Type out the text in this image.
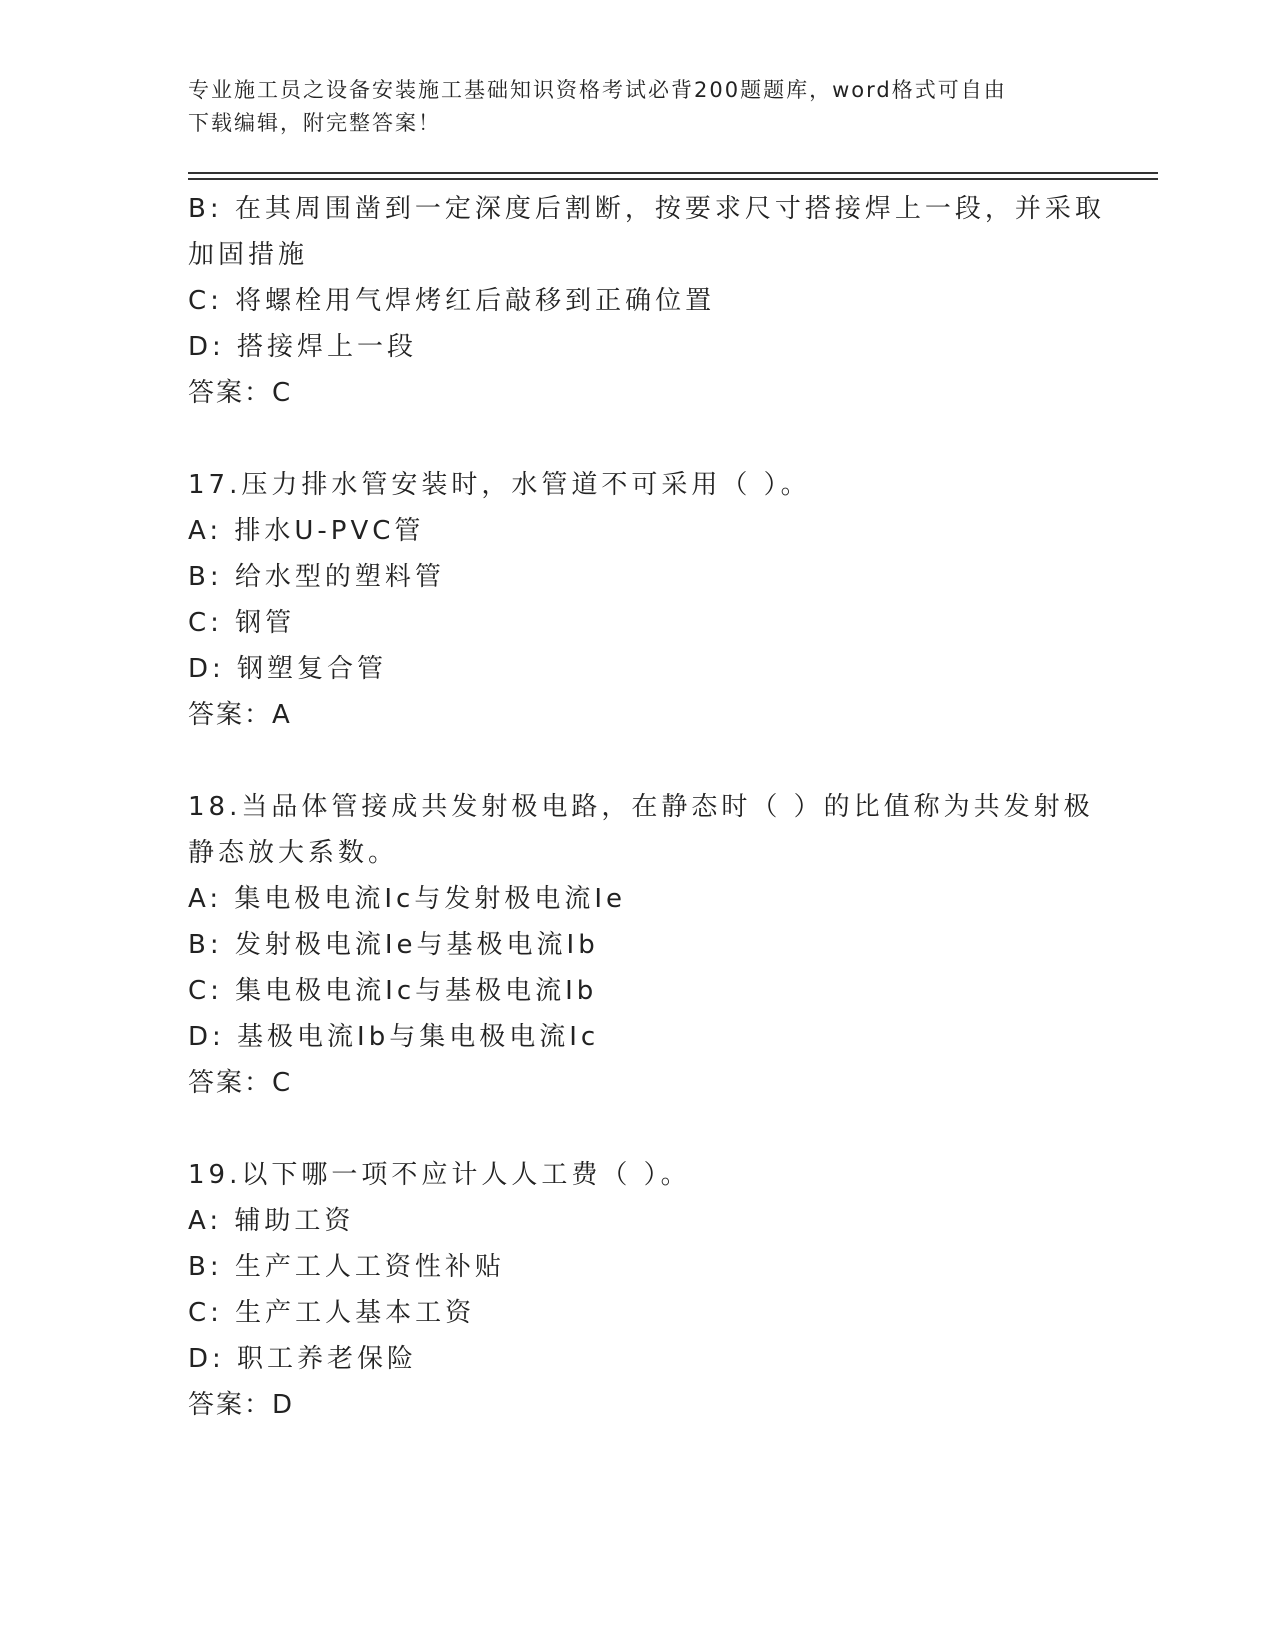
专业施工员之设备安装施工基础知识资格考试必背200题题库，word格式可自由
下载编辑，附完整答案！
B: 在其周围凿到一定深度后割断，按要求尺寸搭接焊上一段，并采取
加固措施
C: 将螺栓用气焊烤红后敲移到正确位置
D: 搭接焊上一段
答案：C
17.压力排水管安装时，水管道不可采用（ ）。
A: 排水U-PVC管
B: 给水型的塑料管
C: 钢管
D: 钢塑复合管
答案：A
18.当品体管接成共发射极电路，在静态时（ ）的比值称为共发射极
静态放大系数。
A: 集电极电流Ic与发射极电流Ie
B: 发射极电流Ie与基极电流Ib
C: 集电极电流Ic与基极电流Ib
D: 基极电流Ib与集电极电流Ic
答案：C
19.以下哪一项不应计人人工费（ ）。
A: 辅助工资
B: 生产工人工资性补贴
C: 生产工人基本工资
D: 职工养老保险
答案：D
